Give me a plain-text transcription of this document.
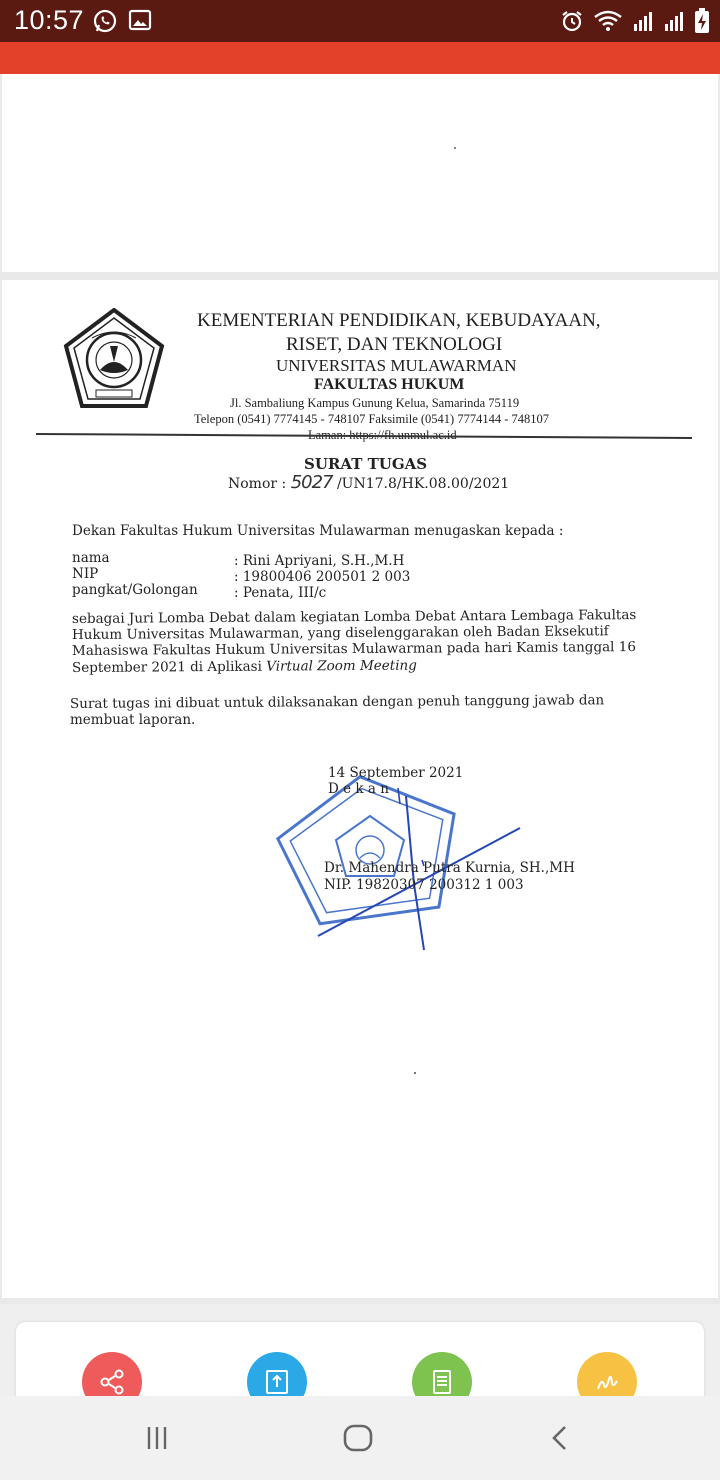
10:57
KEMENTERIAN PENDIDIKAN, KEBUDAYAAN,
RISET, DAN TEKNOLOGI
UNIVERSITAS MULAWARMAN
FAKULTAS HUKUM
Jl. Sambaliung Kampus Gunung Kelua, Samarinda 75119
Telepon (0541) 7774145 - 748107 Faksimile (0541) 7774144 - 748107
SURAT TUGAS
Nomor : 5027 /UN17.8/HK.08.00/2021
Dekan Fakultas Hukum Universitas Mulawarman menugaskan kepada :
nama	: Rini Apriyani, S.H.,M.H
NIP	: 19800406 200501 2 003
pangkat/Golongan	: Penata, III/c
sebagai Juri Lomba Debat dalam kegiatan Lomba Debat Antara Lembaga Fakultas
Hukum Universitas Mulawarman, yang diselenggarakan oleh Badan Eksekutif
Mahasiswa Fakultas Hukum Universitas Mulawarman pada hari Kamis tanggal 16
September 2021 di Aplikasi Virtual Zoom Meeting
Surat tugas ini dibuat untuk dilaksanakan dengan penuh tanggung jawab dan
membuat laporan.
14 September 2021
D e k a n
Dr. Mahendra Putra Kurnia, SH.,MH
NIP. 19820307 200312 1 003
